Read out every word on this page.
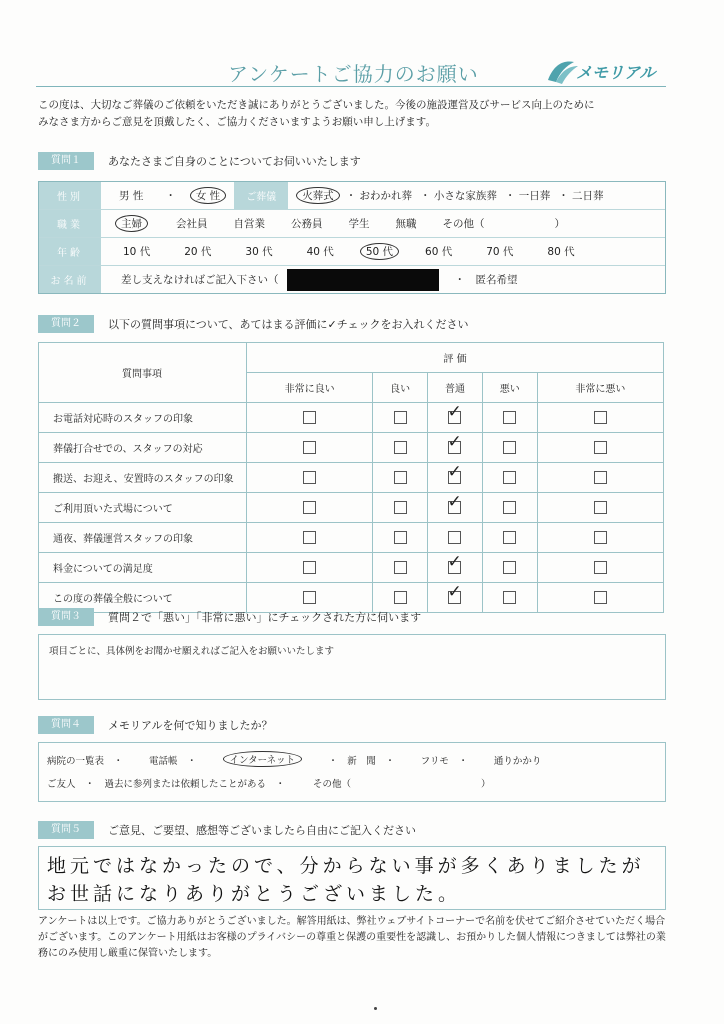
アンケートご協力のお願い	メモリアル
この度は、大切なご葬儀のご依頼をいただき誠にありがとうございました。今後の施設運営及びサービス向上のために
みなさま方からご意見を頂戴したく、ご協力くださいますようお願い申し上げます。
質問１	あなたさまご自身のことについてお伺いいたします
性別	男 性 ・	女 性	ご葬儀	火葬式	・ おわかれ葬 ・ 小さな家族葬 ・ 一日葬 ・ 二日葬
職業	主婦	会社員 自営業 公務員 学生 無職 その他（	）
年齢	10 代	20 代	30 代	40 代	50 代	60 代	70 代	80 代
お名前	差し支えなければご記入下さい（	・　匿名希望
質問２	以下の質問事項について、あてはまる評価に✓チェックをお入れください
質問事項	評 価				
	非常に良い	良い	普通	悪い	非常に悪い
お電話対応時のスタッフの印象			✓		

葬儀打合せでの、スタッフの対応			✓		

搬送、お迎え、安置時のスタッフの印象			✓		

ご利用頂いた式場について			✓		

通夜、葬儀運営スタッフの印象					
料金についての満足度			✓		

この度の葬儀全般について			✓		

質問３	質問２で「悪い」「非常に悪い」にチェックされた方に伺います
項目ごとに、具体例をお聞かせ願えればご記入をお願いいたします
質問４	メモリアルを何で知りましたか？
病院の一覧表　・	電話帳　・	インターネット	・　新　聞　・	フリモ　・	通りかかり
ご友人　・ 過去に参列または依頼したことがある　・	その他（	）
質問５	ご意見、ご要望、感想等ございましたら自由にご記入ください
地元ではなかったので、分からない事が多くありましたが
お世話になりありがとうございました。
アンケートは以上です。ご協力ありがとうございました。解答用紙は、弊社ウェブサイトコーナーで名前を伏せてご紹介させていただく場合
がございます。このアンケート用紙はお客様のプライバシーの尊重と保護の重要性を認識し、お預かりした個人情報につきましては弊社の業
務にのみ使用し厳重に保管いたします。
